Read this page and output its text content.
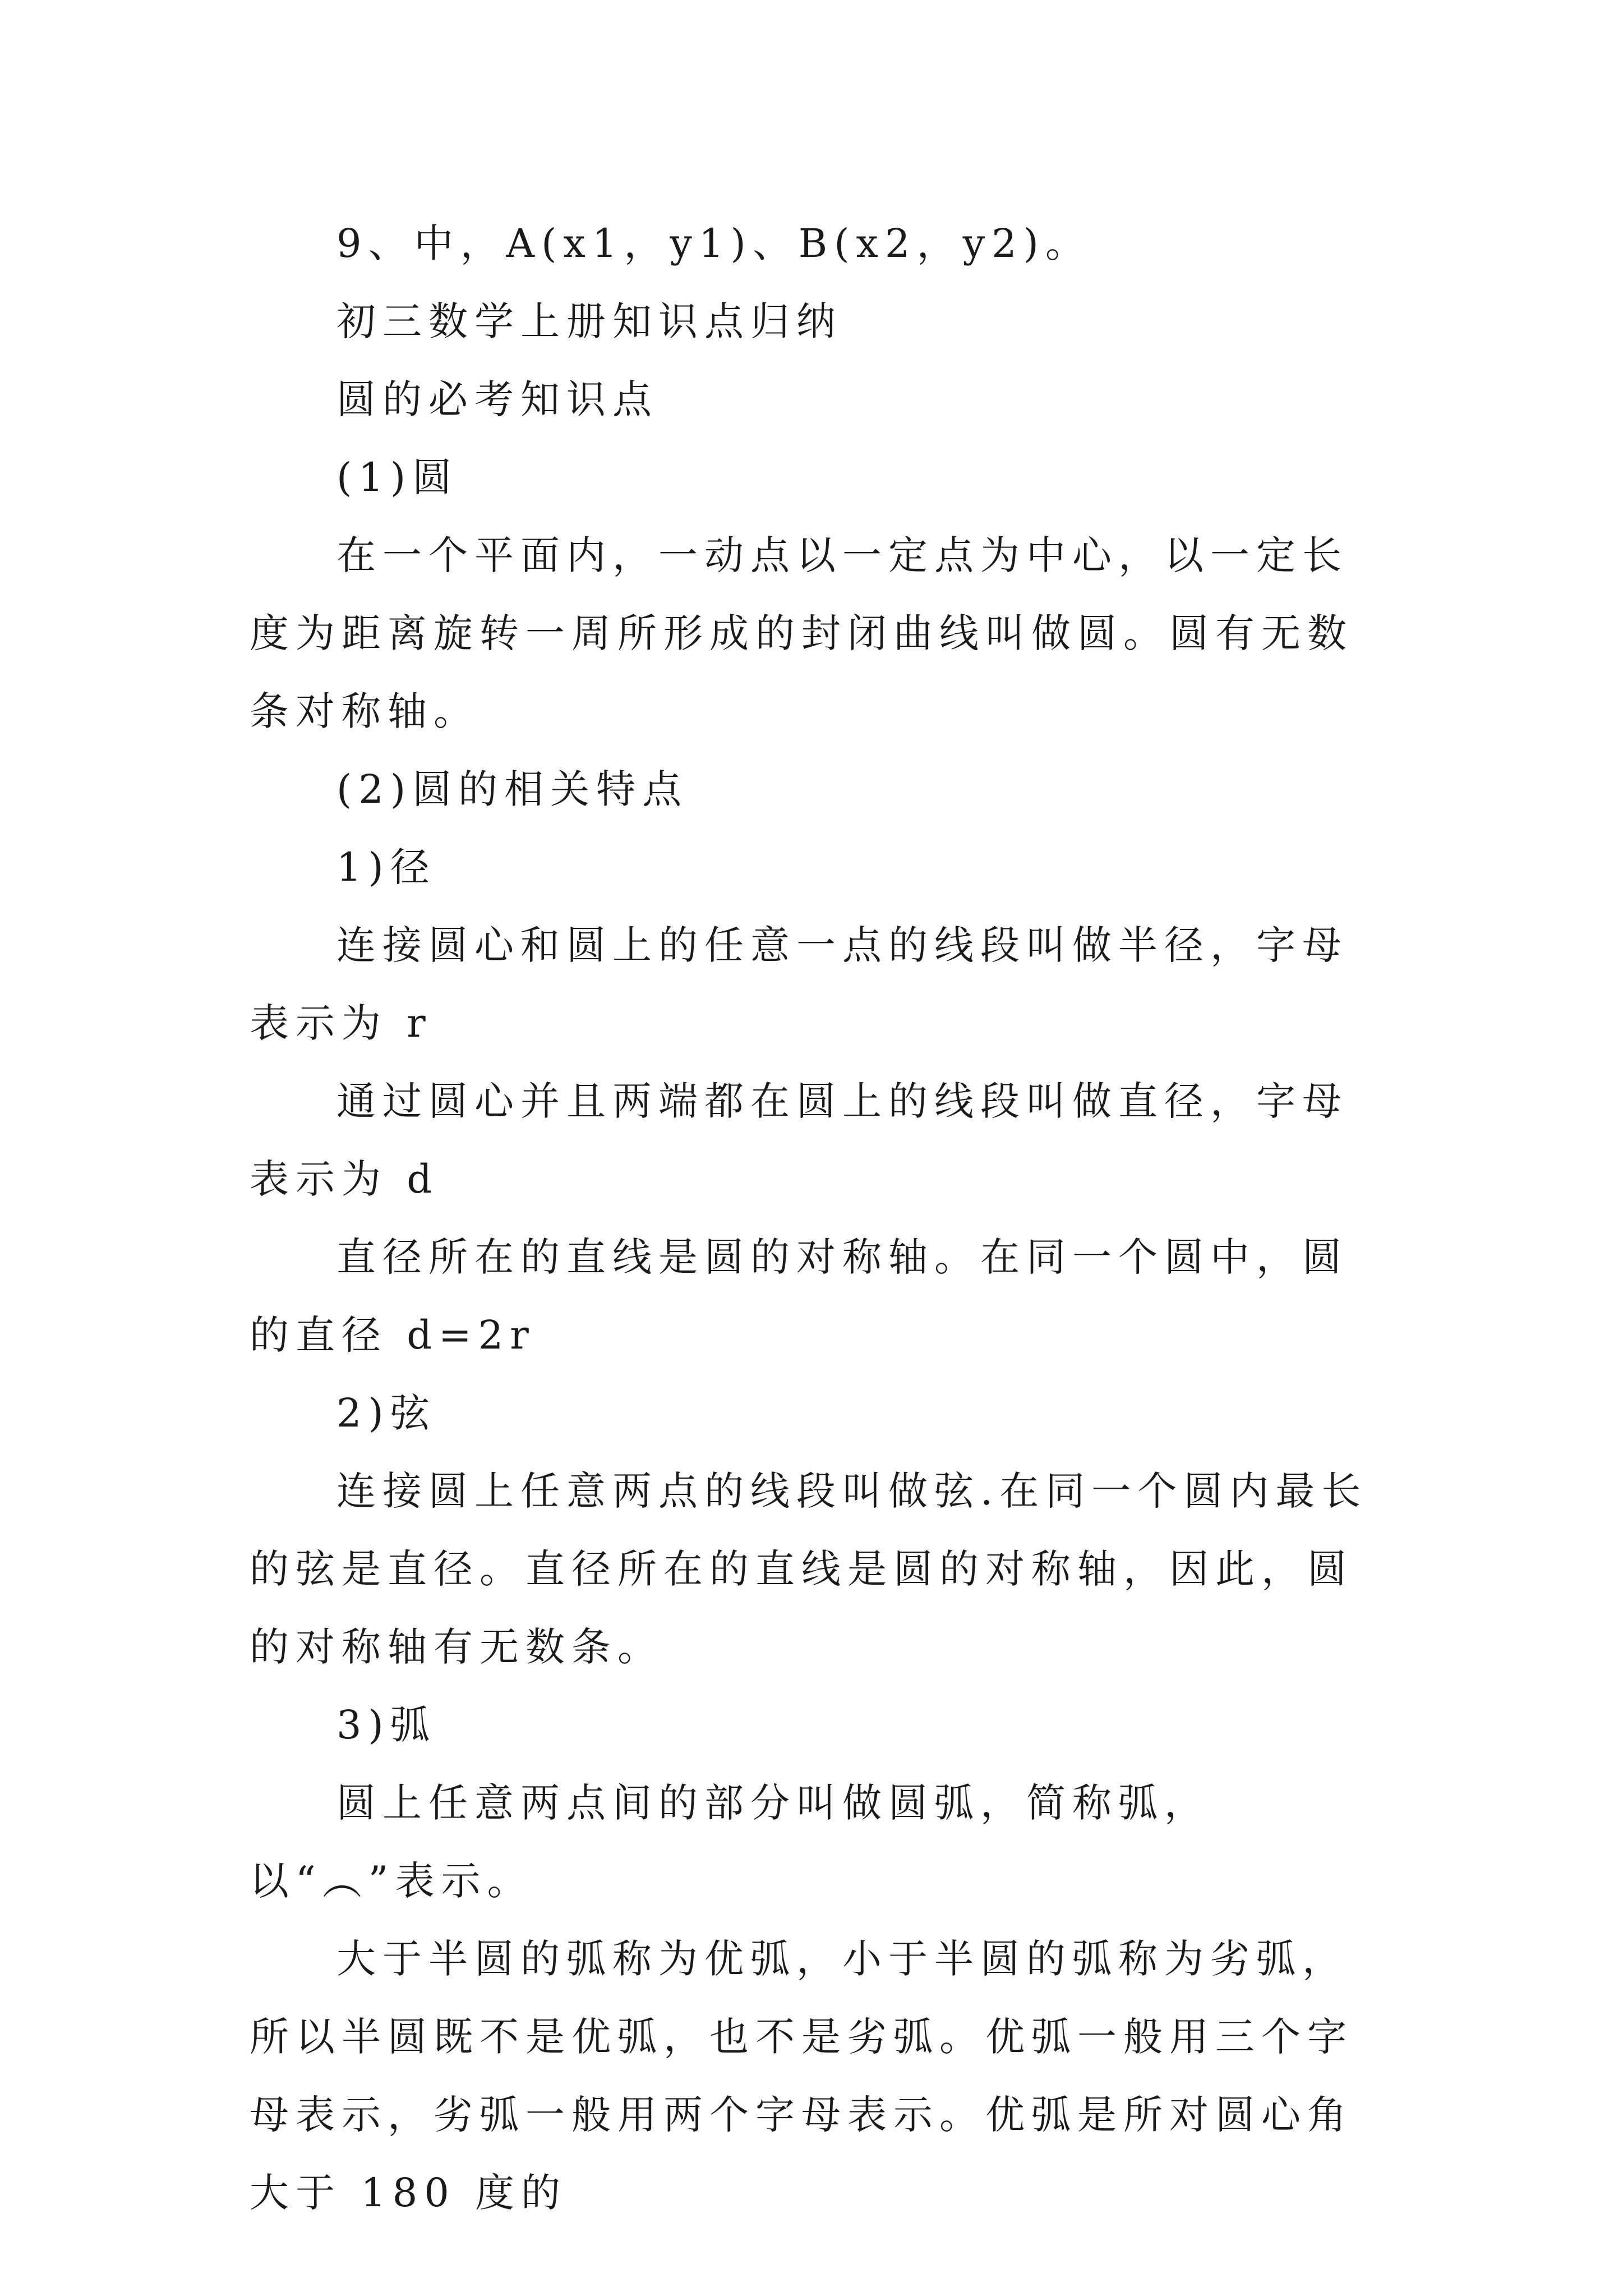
9、中，A(x1，y1)、B(x2，y2)。

初三数学上册知识点归纳

圆的必考知识点

(1)圆

在一个平面内，一动点以一定点为中心，以一定长度为距离旋转一周所形成的封闭曲线叫做圆。圆有无数条对称轴。

(2)圆的相关特点

1)径

连接圆心和圆上的任意一点的线段叫做半径，字母表示为 r

通过圆心并且两端都在圆上的线段叫做直径，字母表示为 d

直径所在的直线是圆的对称轴。在同一个圆中，圆的直径 d=2r

2)弦

连接圆上任意两点的线段叫做弦.在同一个圆内最长的弦是直径。直径所在的直线是圆的对称轴，因此，圆的对称轴有无数条。

3)弧

圆上任意两点间的部分叫做圆弧，简称弧，以“︵”表示。

大于半圆的弧称为优弧，小于半圆的弧称为劣弧，所以半圆既不是优弧，也不是劣弧。优弧一般用三个字母表示，劣弧一般用两个字母表示。优弧是所对圆心角大于 180 度的
